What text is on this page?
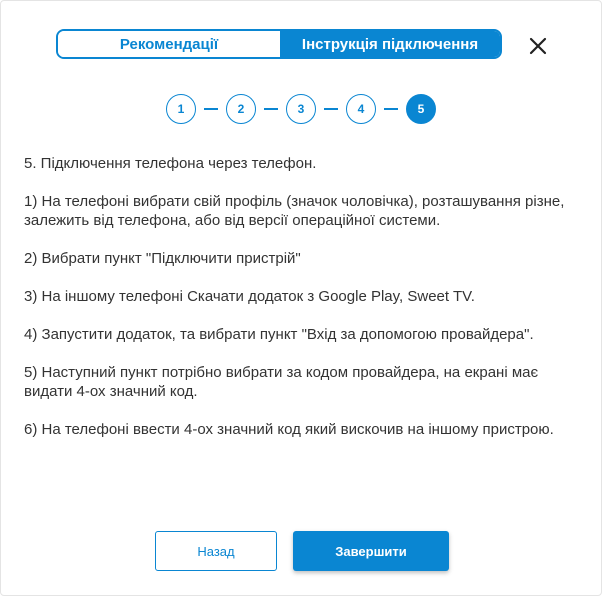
Рекомендації	Інструкція підключення
1	2	3	4	5

5. Підключення телефона через телефон.

1) На телефоні вибрати свій профіль (значок чоловічка), розташування різне, залежить від телефона, або від версії операційної системи.

2) Вибрати пункт "Підключити пристрій"

3) На іншому телефоні Скачати додаток з Google Play, Sweet TV.

4) Запустити додаток, та вибрати пункт "Вхід за допомогою провайдера".

5) Наступний пункт потрібно вибрати за кодом провайдера, на екрані має видати 4-ох значний код.

6) На телефоні ввести 4-ох значний код який вискочив на іншому пристрою.

Назад	Завершити
